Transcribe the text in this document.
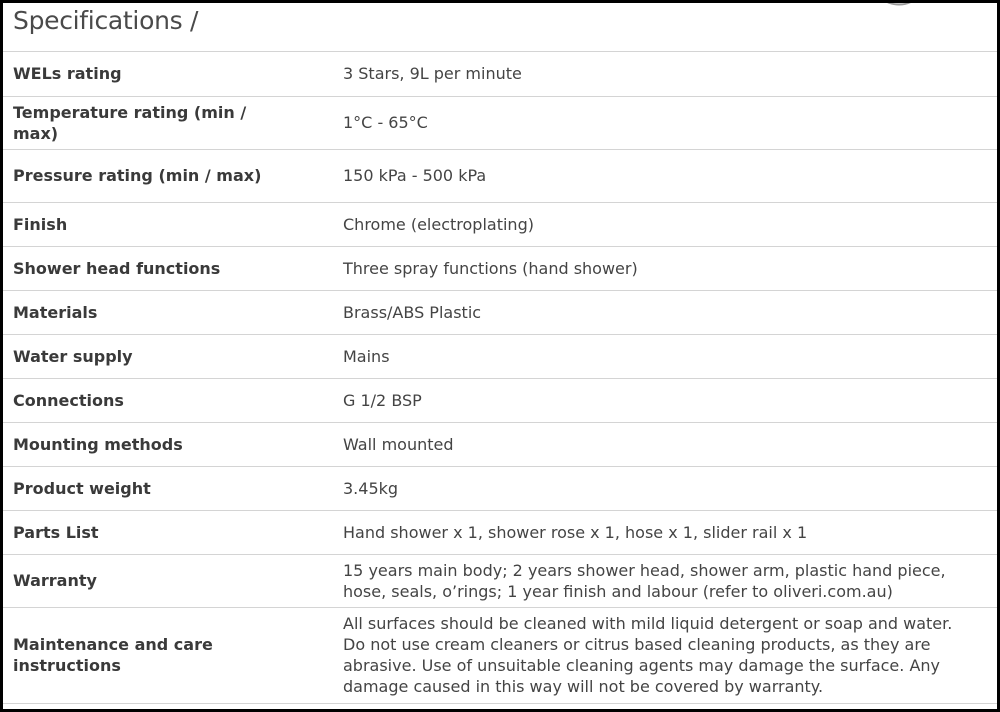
Specifications /
WELs rating	3 Stars, 9L per minute
Temperature rating (min / max)	1°C - 65°C
Pressure rating (min / max)	150 kPa - 500 kPa
Finish	Chrome (electroplating)
Shower head functions	Three spray functions (hand shower)
Materials	Brass/ABS Plastic
Water supply	Mains
Connections	G 1/2 BSP
Mounting methods	Wall mounted
Product weight	3.45kg
Parts List	Hand shower x 1, shower rose x 1, hose x 1, slider rail x 1
Warranty	15 years main body; 2 years shower head, shower arm, plastic hand piece, hose, seals, o’rings; 1 year finish and labour (refer to oliveri.com.au)
Maintenance and care instructions	All surfaces should be cleaned with mild liquid detergent or soap and water. Do not use cream cleaners or citrus based cleaning products, as they are abrasive. Use of unsuitable cleaning agents may damage the surface. Any damage caused in this way will not be covered by warranty.
